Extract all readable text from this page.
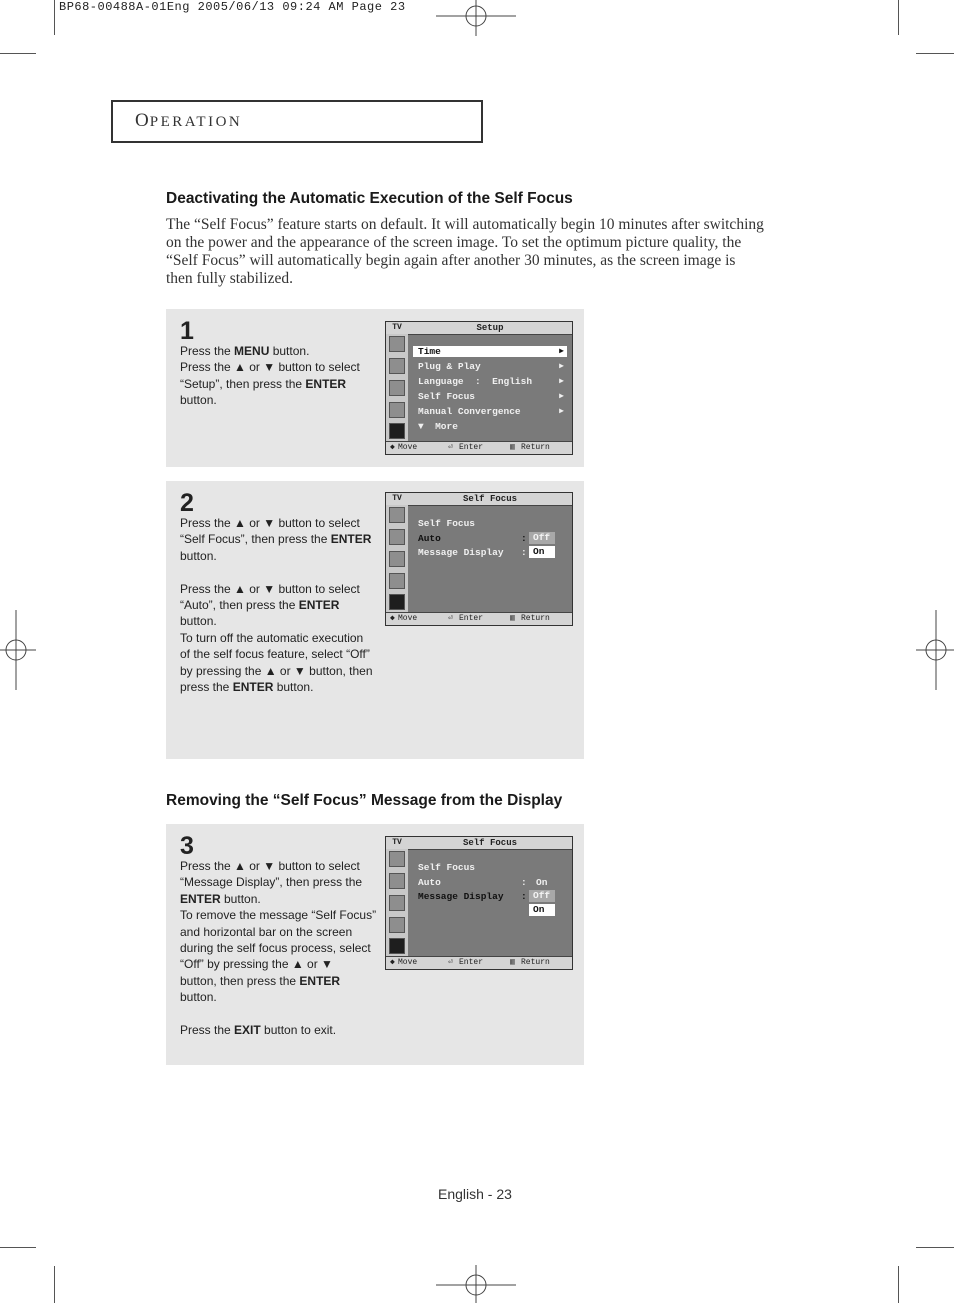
BP68-00488A-01Eng 2005/06/13 09:24 AM Page 23
OPERATION
Deactivating the Automatic Execution of the Self Focus
The “Self Focus” feature starts on default. It will automatically begin 10 minutes after switching
on the power and the appearance of the screen image. To set the optimum picture quality, the
“Self Focus” will automatically begin again after another 30 minutes, as the screen image is
then fully stabilized.
1

Press the MENU button.

Press the ▲ or ▼ button to select

“Setup”, then press the ENTER

button.

TV	Setup
Time	▶
Plug & Play	▶
Language  :  English	▶
Self Focus	▶
Manual Convergence	▶
▼  More
◆ Move	⏎ Enter	▥ Return
2

Press the ▲ or ▼ button to select

“Self Focus”, then press the ENTER

button.

Press the ▲ or ▼ button to select

“Auto”, then press the ENTER

button.

To turn off the automatic execution

of the self focus feature, select “Off”

by pressing the ▲ or ▼ button, then

press the ENTER button.

TV	Self Focus
Self Focus
Auto	:
Message Display :
Off
On
◆ Move	⏎ Enter	▥ Return
Removing the “Self Focus” Message from the Display
3

Press the ▲ or ▼ button to select

“Message Display”, then press the

ENTER button.

To remove the message “Self Focus”

and horizontal bar on the screen

during the self focus process, select

“Off” by pressing the ▲ or ▼

button, then press the ENTER button.

Press the EXIT button to exit.

TV	Self Focus
Self Focus
Auto	: On
Message Display : Off
On
◆ Move	⏎ Enter	▥ Return
English - 23
